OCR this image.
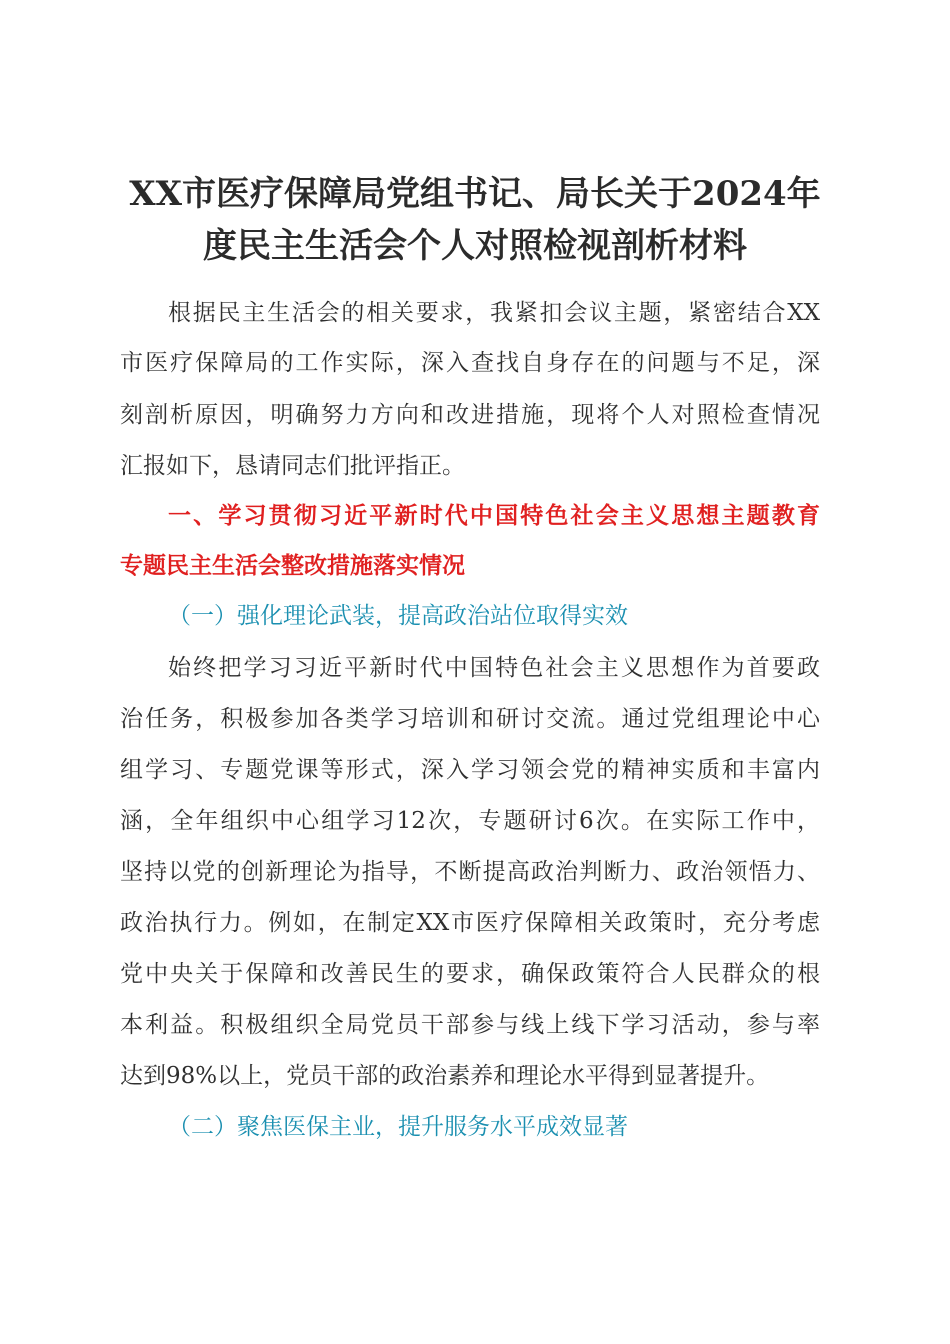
XX市医疗保障局党组书记、局长关于2024年
度民主生活会个人对照检视剖析材料
根据民主生活会的相关要求，我紧扣会议主题，紧密结合XX
市医疗保障局的工作实际，深入查找自身存在的问题与不足，深
刻剖析原因，明确努力方向和改进措施，现将个人对照检查情况
汇报如下，恳请同志们批评指正。
一、学习贯彻习近平新时代中国特色社会主义思想主题教育
专题民主生活会整改措施落实情况
（一）强化理论武装，提高政治站位取得实效
始终把学习习近平新时代中国特色社会主义思想作为首要政
治任务，积极参加各类学习培训和研讨交流。通过党组理论中心
组学习、专题党课等形式，深入学习领会党的精神实质和丰富内
涵，全年组织中心组学习12次，专题研讨6次。在实际工作中，
坚持以党的创新理论为指导，不断提高政治判断力、政治领悟力、
政治执行力。例如，在制定XX市医疗保障相关政策时，充分考虑
党中央关于保障和改善民生的要求，确保政策符合人民群众的根
本利益。积极组织全局党员干部参与线上线下学习活动，参与率
达到98%以上，党员干部的政治素养和理论水平得到显著提升。
（二）聚焦医保主业，提升服务水平成效显著
